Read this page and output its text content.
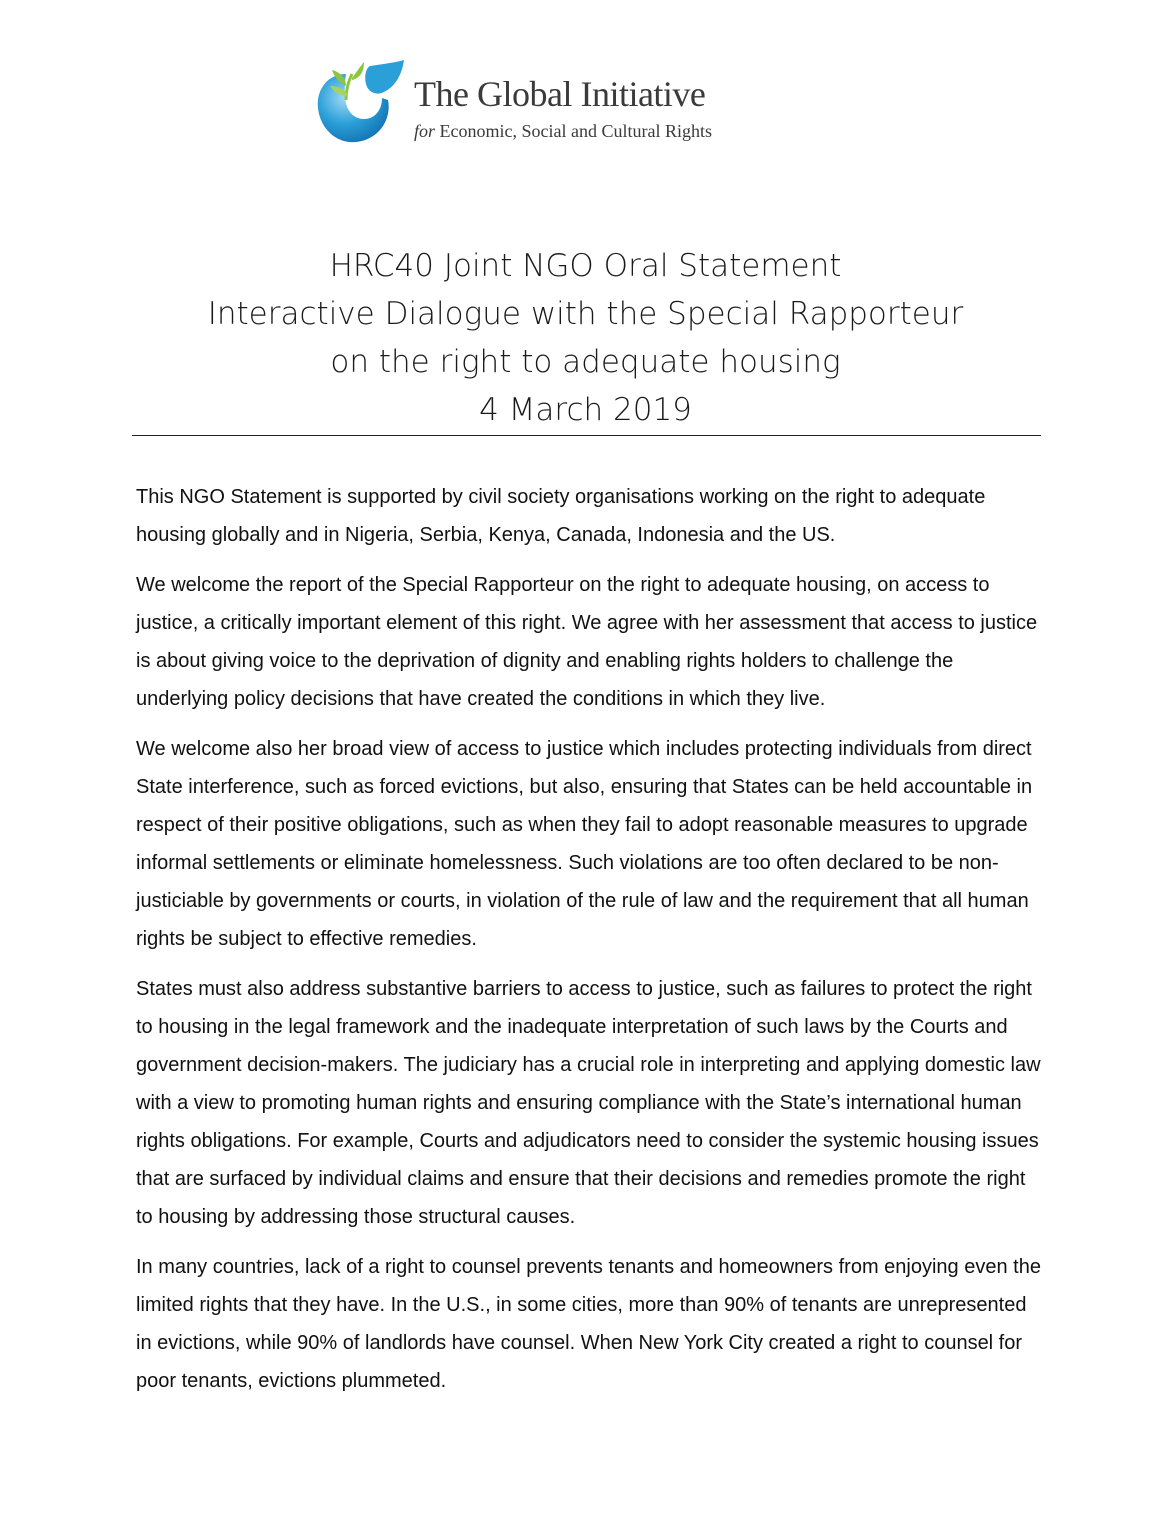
The Global Initiative
for Economic, Social and Cultural Rights
HRC40 Joint NGO Oral Statement
Interactive Dialogue with the Special Rapporteur
on the right to adequate housing
4 March 2019

This NGO Statement is supported by civil society organisations working on the right to adequate housing globally and in Nigeria, Serbia, Kenya, Canada, Indonesia and the US.

We welcome the report of the Special Rapporteur on the right to adequate housing, on access to justice, a critically important element of this right. We agree with her assessment that access to justice is about giving voice to the deprivation of dignity and enabling rights holders to challenge the underlying policy decisions that have created the conditions in which they live.

We welcome also her broad view of access to justice which includes protecting individuals from direct State interference, such as forced evictions, but also, ensuring that States can be held accountable in respect of their positive obligations, such as when they fail to adopt reasonable measures to upgrade informal settlements or eliminate homelessness. Such violations are too often declared to be non-justiciable by governments or courts, in violation of the rule of law and the requirement that all human rights be subject to effective remedies.

States must also address substantive barriers to access to justice, such as failures to protect the right to housing in the legal framework and the inadequate interpretation of such laws by the Courts and government decision-makers. The judiciary has a crucial role in interpreting and applying domestic law with a view to promoting human rights and ensuring compliance with the State’s international human rights obligations. For example, Courts and adjudicators need to consider the systemic housing issues that are surfaced by individual claims and ensure that their decisions and remedies promote the right to housing by addressing those structural causes.

In many countries, lack of a right to counsel prevents tenants and homeowners from enjoying even the limited rights that they have. In the U.S., in some cities, more than 90% of tenants are unrepresented in evictions, while 90% of landlords have counsel. When New York City created a right to counsel for poor tenants, evictions plummeted.
